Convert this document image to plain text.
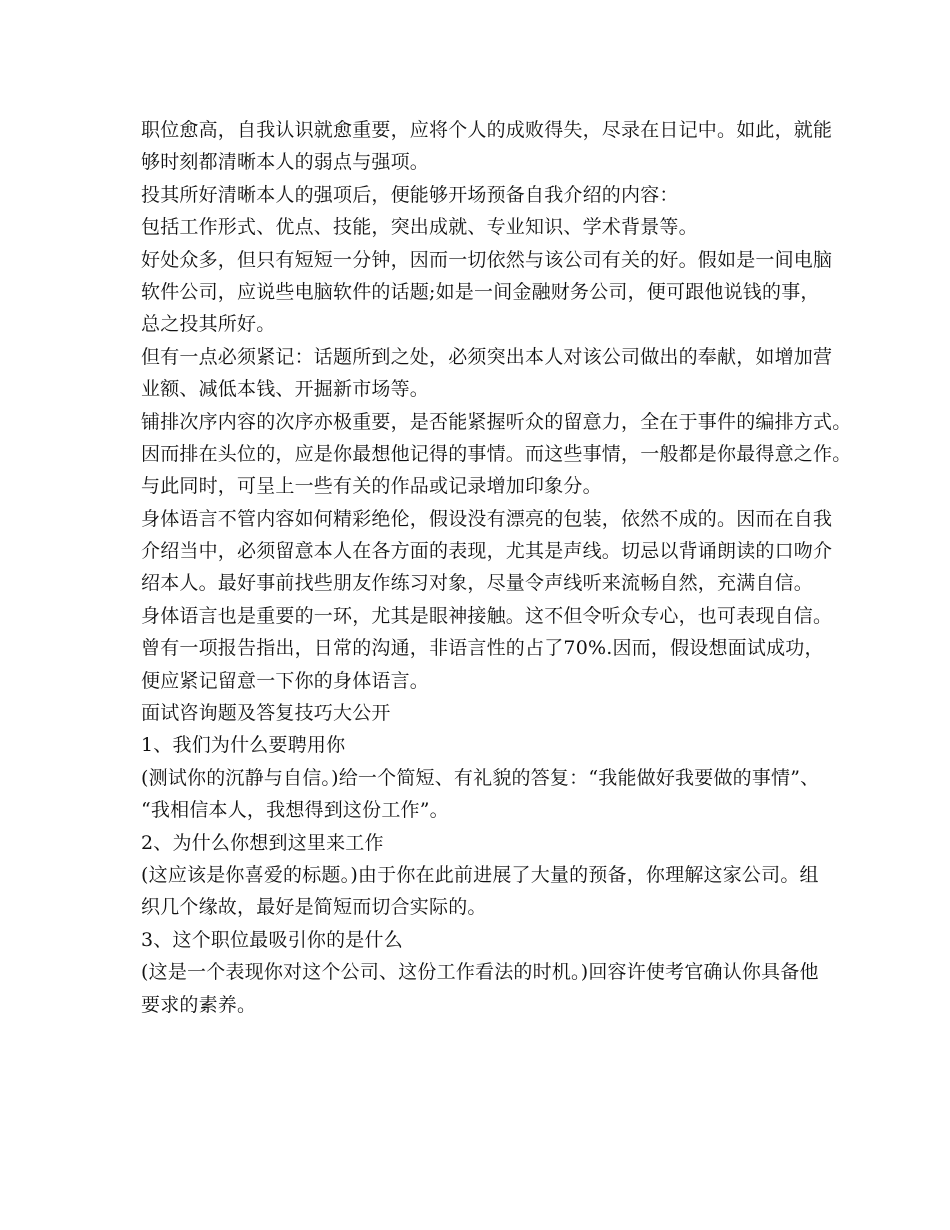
职位愈高，自我认识就愈重要，应将个人的成败得失，尽录在日记中。如此，就能
够时刻都清晰本人的弱点与强项。
投其所好清晰本人的强项后，便能够开场预备自我介绍的内容：
包括工作形式、优点、技能，突出成就、专业知识、学术背景等。
好处众多，但只有短短一分钟，因而一切依然与该公司有关的好。假如是一间电脑
软件公司，应说些电脑软件的话题;如是一间金融财务公司，便可跟他说钱的事，
总之投其所好。
但有一点必须紧记：话题所到之处，必须突出本人对该公司做出的奉献，如增加营
业额、减低本钱、开掘新市场等。
铺排次序内容的次序亦极重要，是否能紧握听众的留意力，全在于事件的编排方式。
因而排在头位的，应是你最想他记得的事情。而这些事情，一般都是你最得意之作。
与此同时，可呈上一些有关的作品或记录增加印象分。
身体语言不管内容如何精彩绝伦，假设没有漂亮的包装，依然不成的。因而在自我
介绍当中，必须留意本人在各方面的表现，尤其是声线。切忌以背诵朗读的口吻介
绍本人。最好事前找些朋友作练习对象，尽量令声线听来流畅自然，充满自信。
身体语言也是重要的一环，尤其是眼神接触。这不但令听众专心，也可表现自信。
曾有一项报告指出，日常的沟通，非语言性的占了70%.因而，假设想面试成功，
便应紧记留意一下你的身体语言。
面试咨询题及答复技巧大公开
1、我们为什么要聘用你
(测试你的沉静与自信。)给一个简短、有礼貌的答复：“我能做好我要做的事情”、
“我相信本人，我想得到这份工作”。
2、为什么你想到这里来工作
(这应该是你喜爱的标题。)由于你在此前进展了大量的预备，你理解这家公司。组
织几个缘故，最好是简短而切合实际的。
3、这个职位最吸引你的是什么
(这是一个表现你对这个公司、这份工作看法的时机。)回容许使考官确认你具备他
要求的素养。
